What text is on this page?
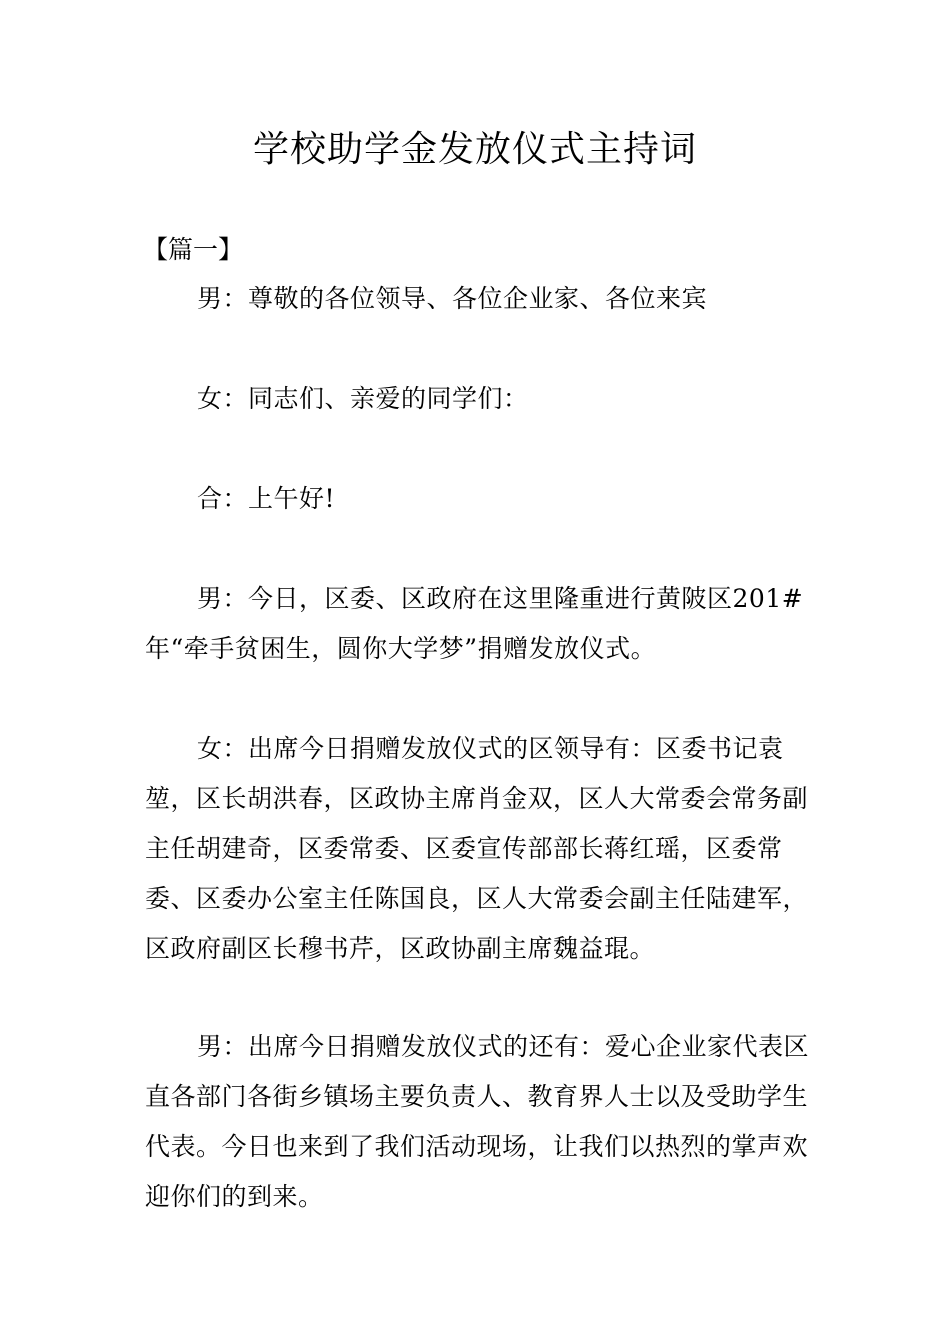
学校助学金发放仪式主持词

【篇一】

男：尊敬的各位领导、各位企业家、各位来宾

女：同志们、亲爱的同学们：

合：上午好!

男：今日，区委、区政府在这里隆重进行黄陂区201#年“牵手贫困生，圆你大学梦”捐赠发放仪式。

女：出席今日捐赠发放仪式的区领导有：区委书记袁堃，区长胡洪春，区政协主席肖金双，区人大常委会常务副主任胡建奇，区委常委、区委宣传部部长蒋红瑶，区委常委、区委办公室主任陈国良，区人大常委会副主任陆建军，区政府副区长穆书芹，区政协副主席魏益琨。

男：出席今日捐赠发放仪式的还有：爱心企业家代表区直各部门各街乡镇场主要负责人、教育界人士以及受助学生代表。今日也来到了我们活动现场，让我们以热烈的掌声欢迎你们的到来。
